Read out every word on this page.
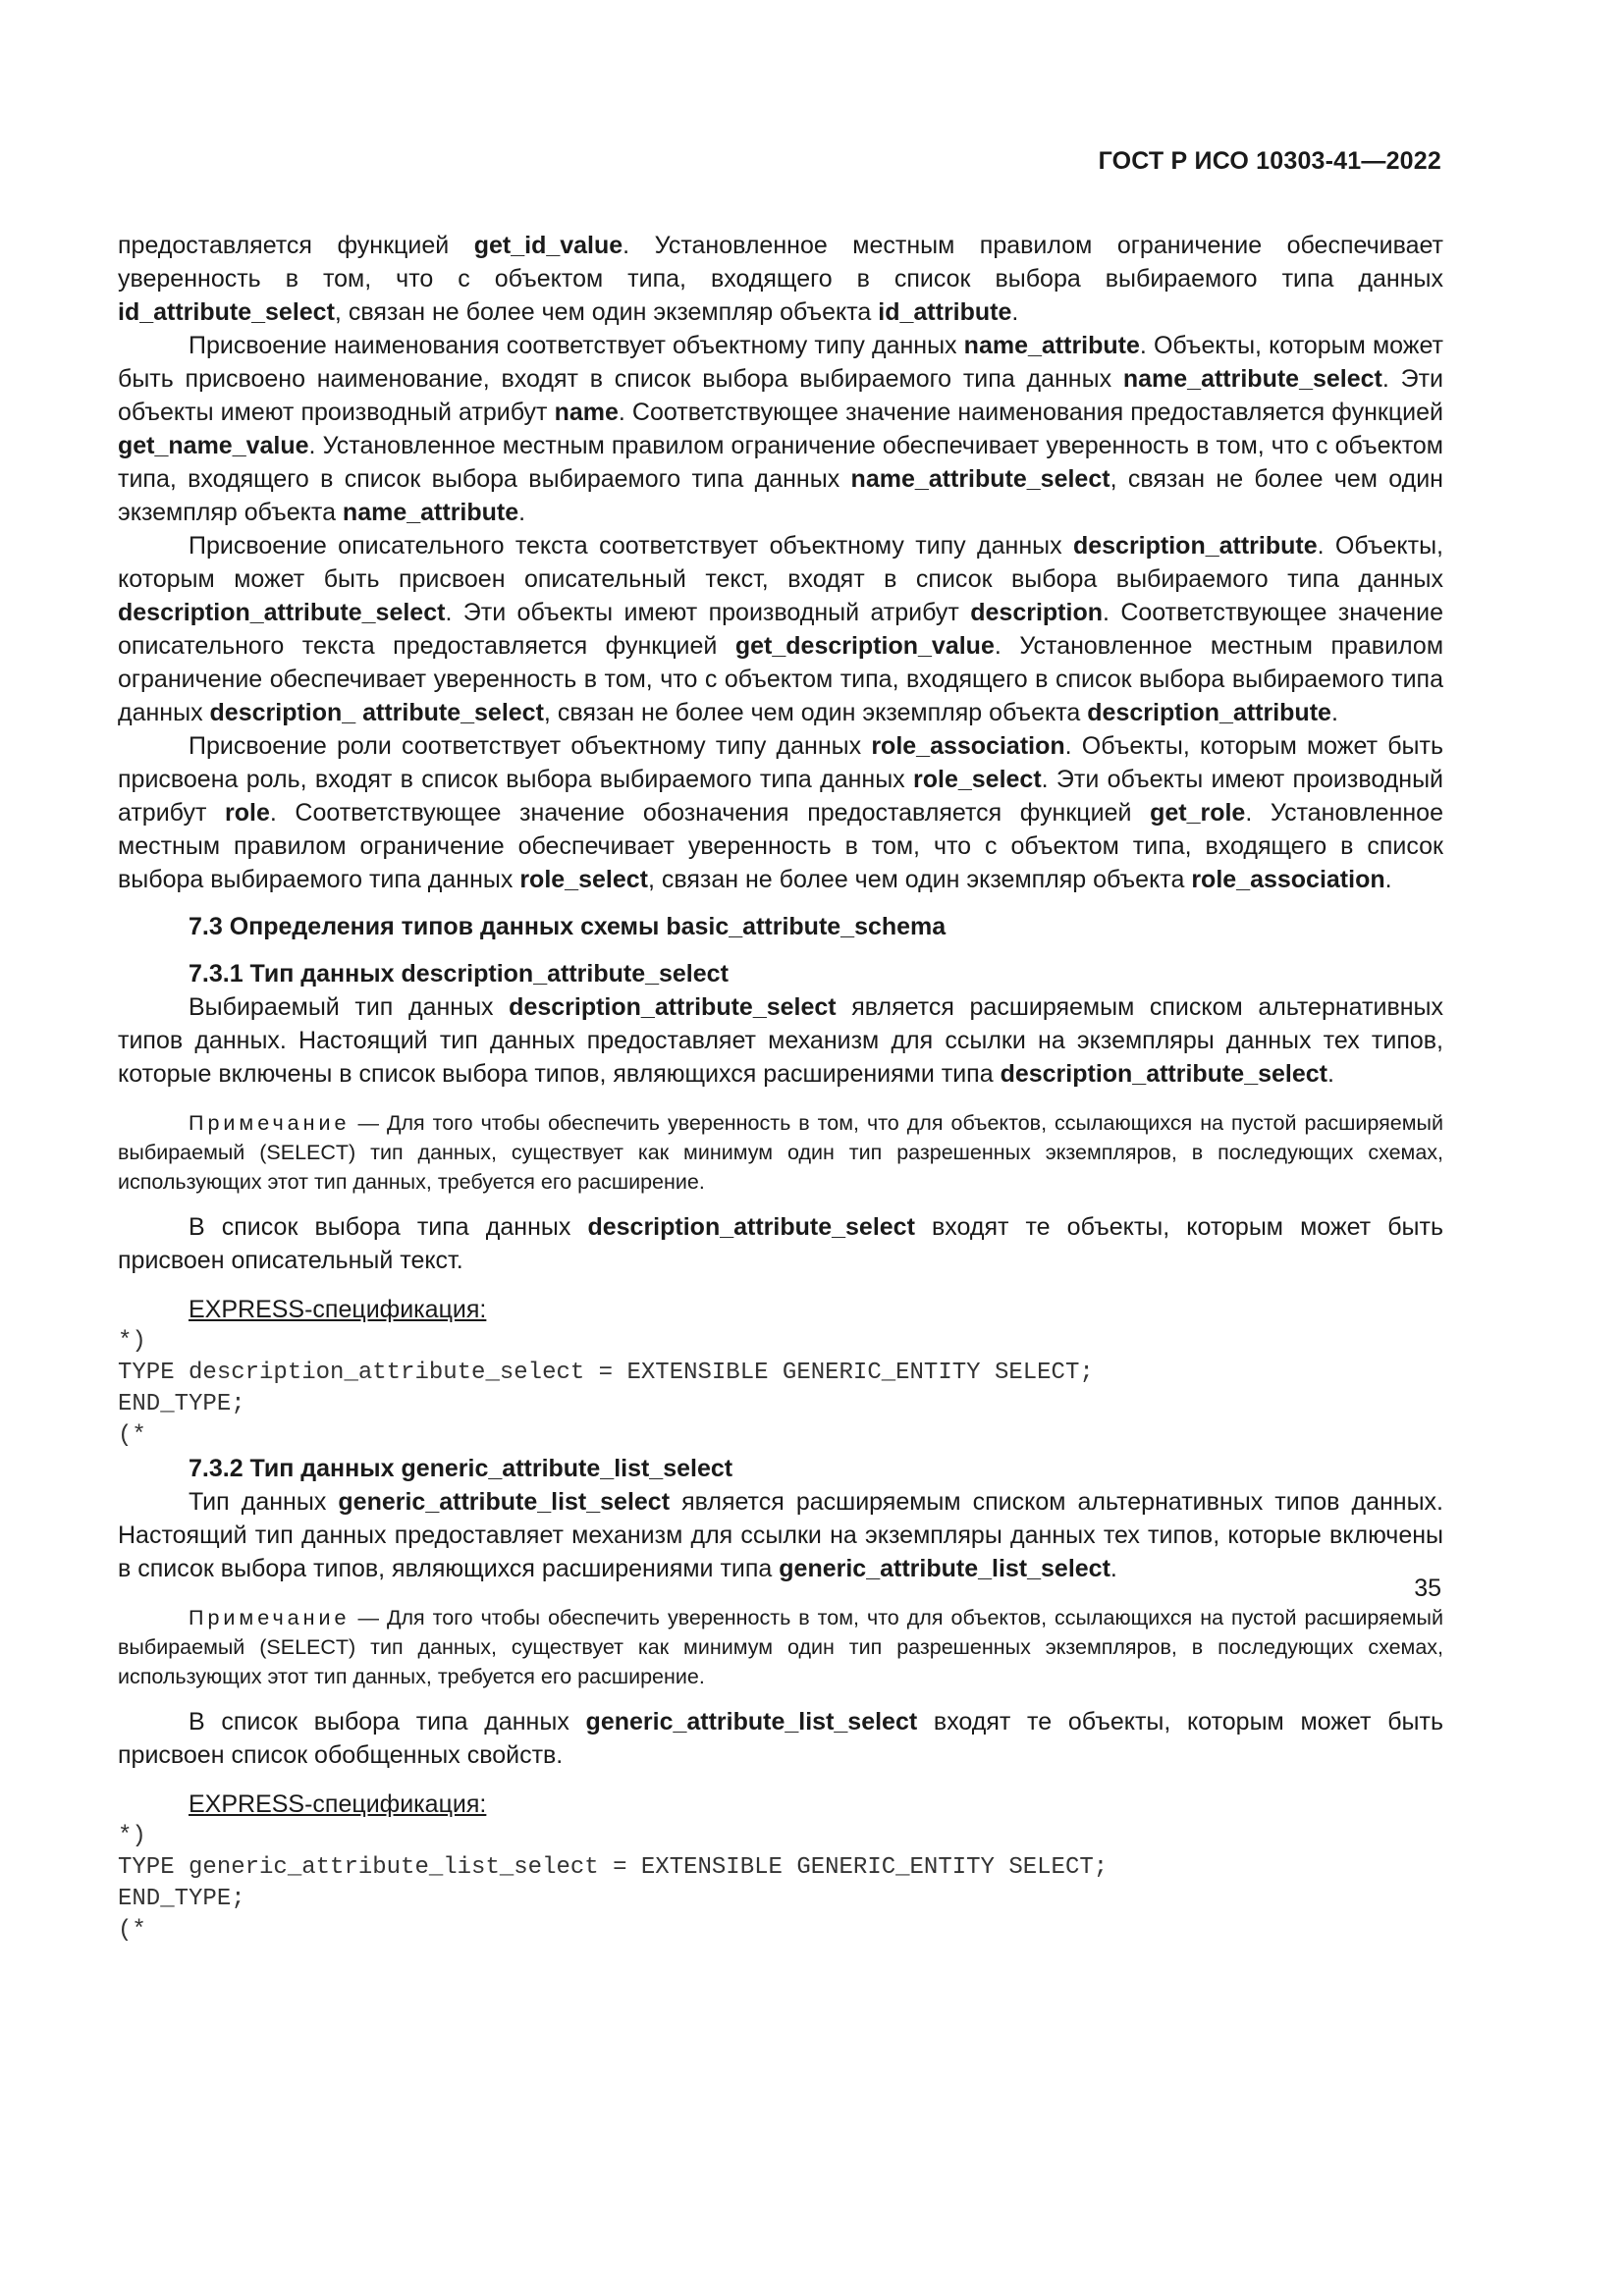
ГОСТ Р ИСО 10303-41—2022

предоставляется функцией get_id_value. Установленное местным правилом ограничение обеспечивает уверенность в том, что с объектом типа, входящего в список выбора выбираемого типа данных id_attribute_select, связан не более чем один экземпляр объекта id_attribute.

Присвоение наименования соответствует объектному типу данных name_attribute. Объекты, которым может быть присвоено наименование, входят в список выбора выбираемого типа данных name_attribute_select. Эти объекты имеют производный атрибут name. Соответствующее значение наименования предоставляется функцией get_name_value. Установленное местным правилом ограничение обеспечивает уверенность в том, что с объектом типа, входящего в список выбора выбираемого типа данных name_attribute_select, связан не более чем один экземпляр объекта name_attribute.

Присвоение описательного текста соответствует объектному типу данных description_attribute. Объекты, которым может быть присвоен описательный текст, входят в список выбора выбираемого типа данных description_attribute_select. Эти объекты имеют производный атрибут description. Соответствующее значение описательного текста предоставляется функцией get_description_value. Установленное местным правилом ограничение обеспечивает уверенность в том, что с объектом типа, входящего в список выбора выбираемого типа данных description_ attribute_select, связан не более чем один экземпляр объекта description_attribute.

Присвоение роли соответствует объектному типу данных role_association. Объекты, которым может быть присвоена роль, входят в список выбора выбираемого типа данных role_select. Эти объекты имеют производный атрибут role. Соответствующее значение обозначения предоставляется функцией get_role. Установленное местным правилом ограничение обеспечивает уверенность в том, что с объектом типа, входящего в список выбора выбираемого типа данных role_select, связан не более чем один экземпляр объекта role_association.

7.3 Определения типов данных схемы basic_attribute_schema
7.3.1 Тип данных description_attribute_select

Выбираемый тип данных description_attribute_select является расширяемым списком альтернативных типов данных. Настоящий тип данных предоставляет механизм для ссылки на экземпляры данных тех типов, которые включены в список выбора типов, являющихся расширениями типа description_attribute_select.

Примечание — Для того чтобы обеспечить уверенность в том, что для объектов, ссылающихся на пустой расширяемый выбираемый (SELECT) тип данных, существует как минимум один тип разрешенных экземпляров, в последующих схемах, использующих этот тип данных, требуется его расширение.

В список выбора типа данных description_attribute_select входят те объекты, которым может быть присвоен описательный текст.

EXPRESS-спецификация:

*)
TYPE description_attribute_select = EXTENSIBLE GENERIC_ENTITY SELECT;
END_TYPE;
(*
7.3.2 Тип данных generic_attribute_list_select

Тип данных generic_attribute_list_select является расширяемым списком альтернативных типов данных. Настоящий тип данных предоставляет механизм для ссылки на экземпляры данных тех типов, которые включены в список выбора типов, являющихся расширениями типа generic_attribute_list_select.

Примечание — Для того чтобы обеспечить уверенность в том, что для объектов, ссылающихся на пустой расширяемый выбираемый (SELECT) тип данных, существует как минимум один тип разрешенных экземпляров, в последующих схемах, использующих этот тип данных, требуется его расширение.

В список выбора типа данных generic_attribute_list_select входят те объекты, которым может быть присвоен список обобщенных свойств.

EXPRESS-спецификация:

*)
TYPE generic_attribute_list_select = EXTENSIBLE GENERIC_ENTITY SELECT;
END_TYPE;
(*
35
